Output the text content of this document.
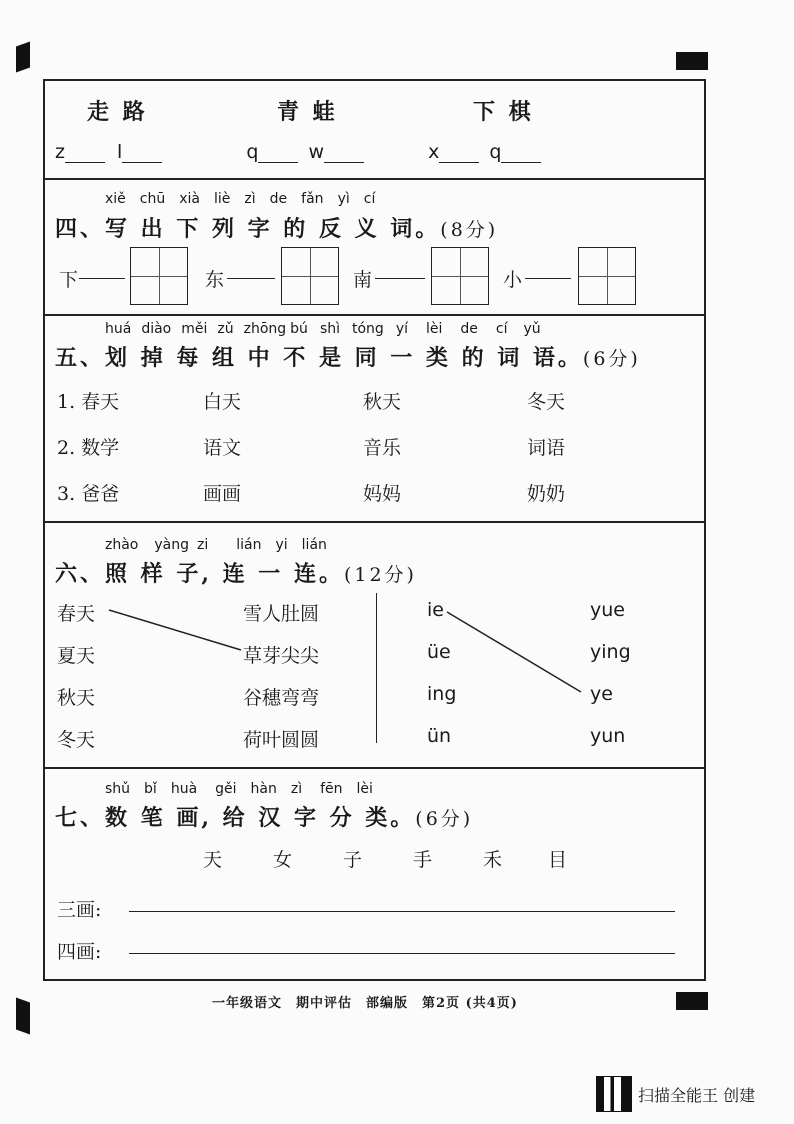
走 路	青 蛙	下 棋
z	l	q	w	x	q
xiě chū xià liè zì de fǎn yì cí
四、写 出 下 列 字 的 反 义 词。(8分)
下	东	南	小
huá diào měi zǔ zhōng bú shì tóng yí lèi de cí yǔ
五、划 掉 每 组 中 不 是 同 一 类 的 词 语。(6分)
1. 春天	白天	秋天	冬天
2. 数学	语文	音乐	词语
3. 爸爸	画画	妈妈	奶奶
zhào yàng zi lián yi lián
六、照 样 子, 连 一 连。(12分)
春天
夏天
秋天
冬天
雪人肚圆
草芽尖尖
谷穗弯弯
荷叶圆圆
ie
üe
ing
ün
yue
ying
ye
yun
shǔ bǐ huà gěi hàn zì fēn lèi
七、数 笔 画, 给 汉 字 分 类。(6分)
天	女	子	手	禾 目
三画:
四画:
一年级语文　期中评估　部编版　第2页 (共4页)
扫描全能王 创建
